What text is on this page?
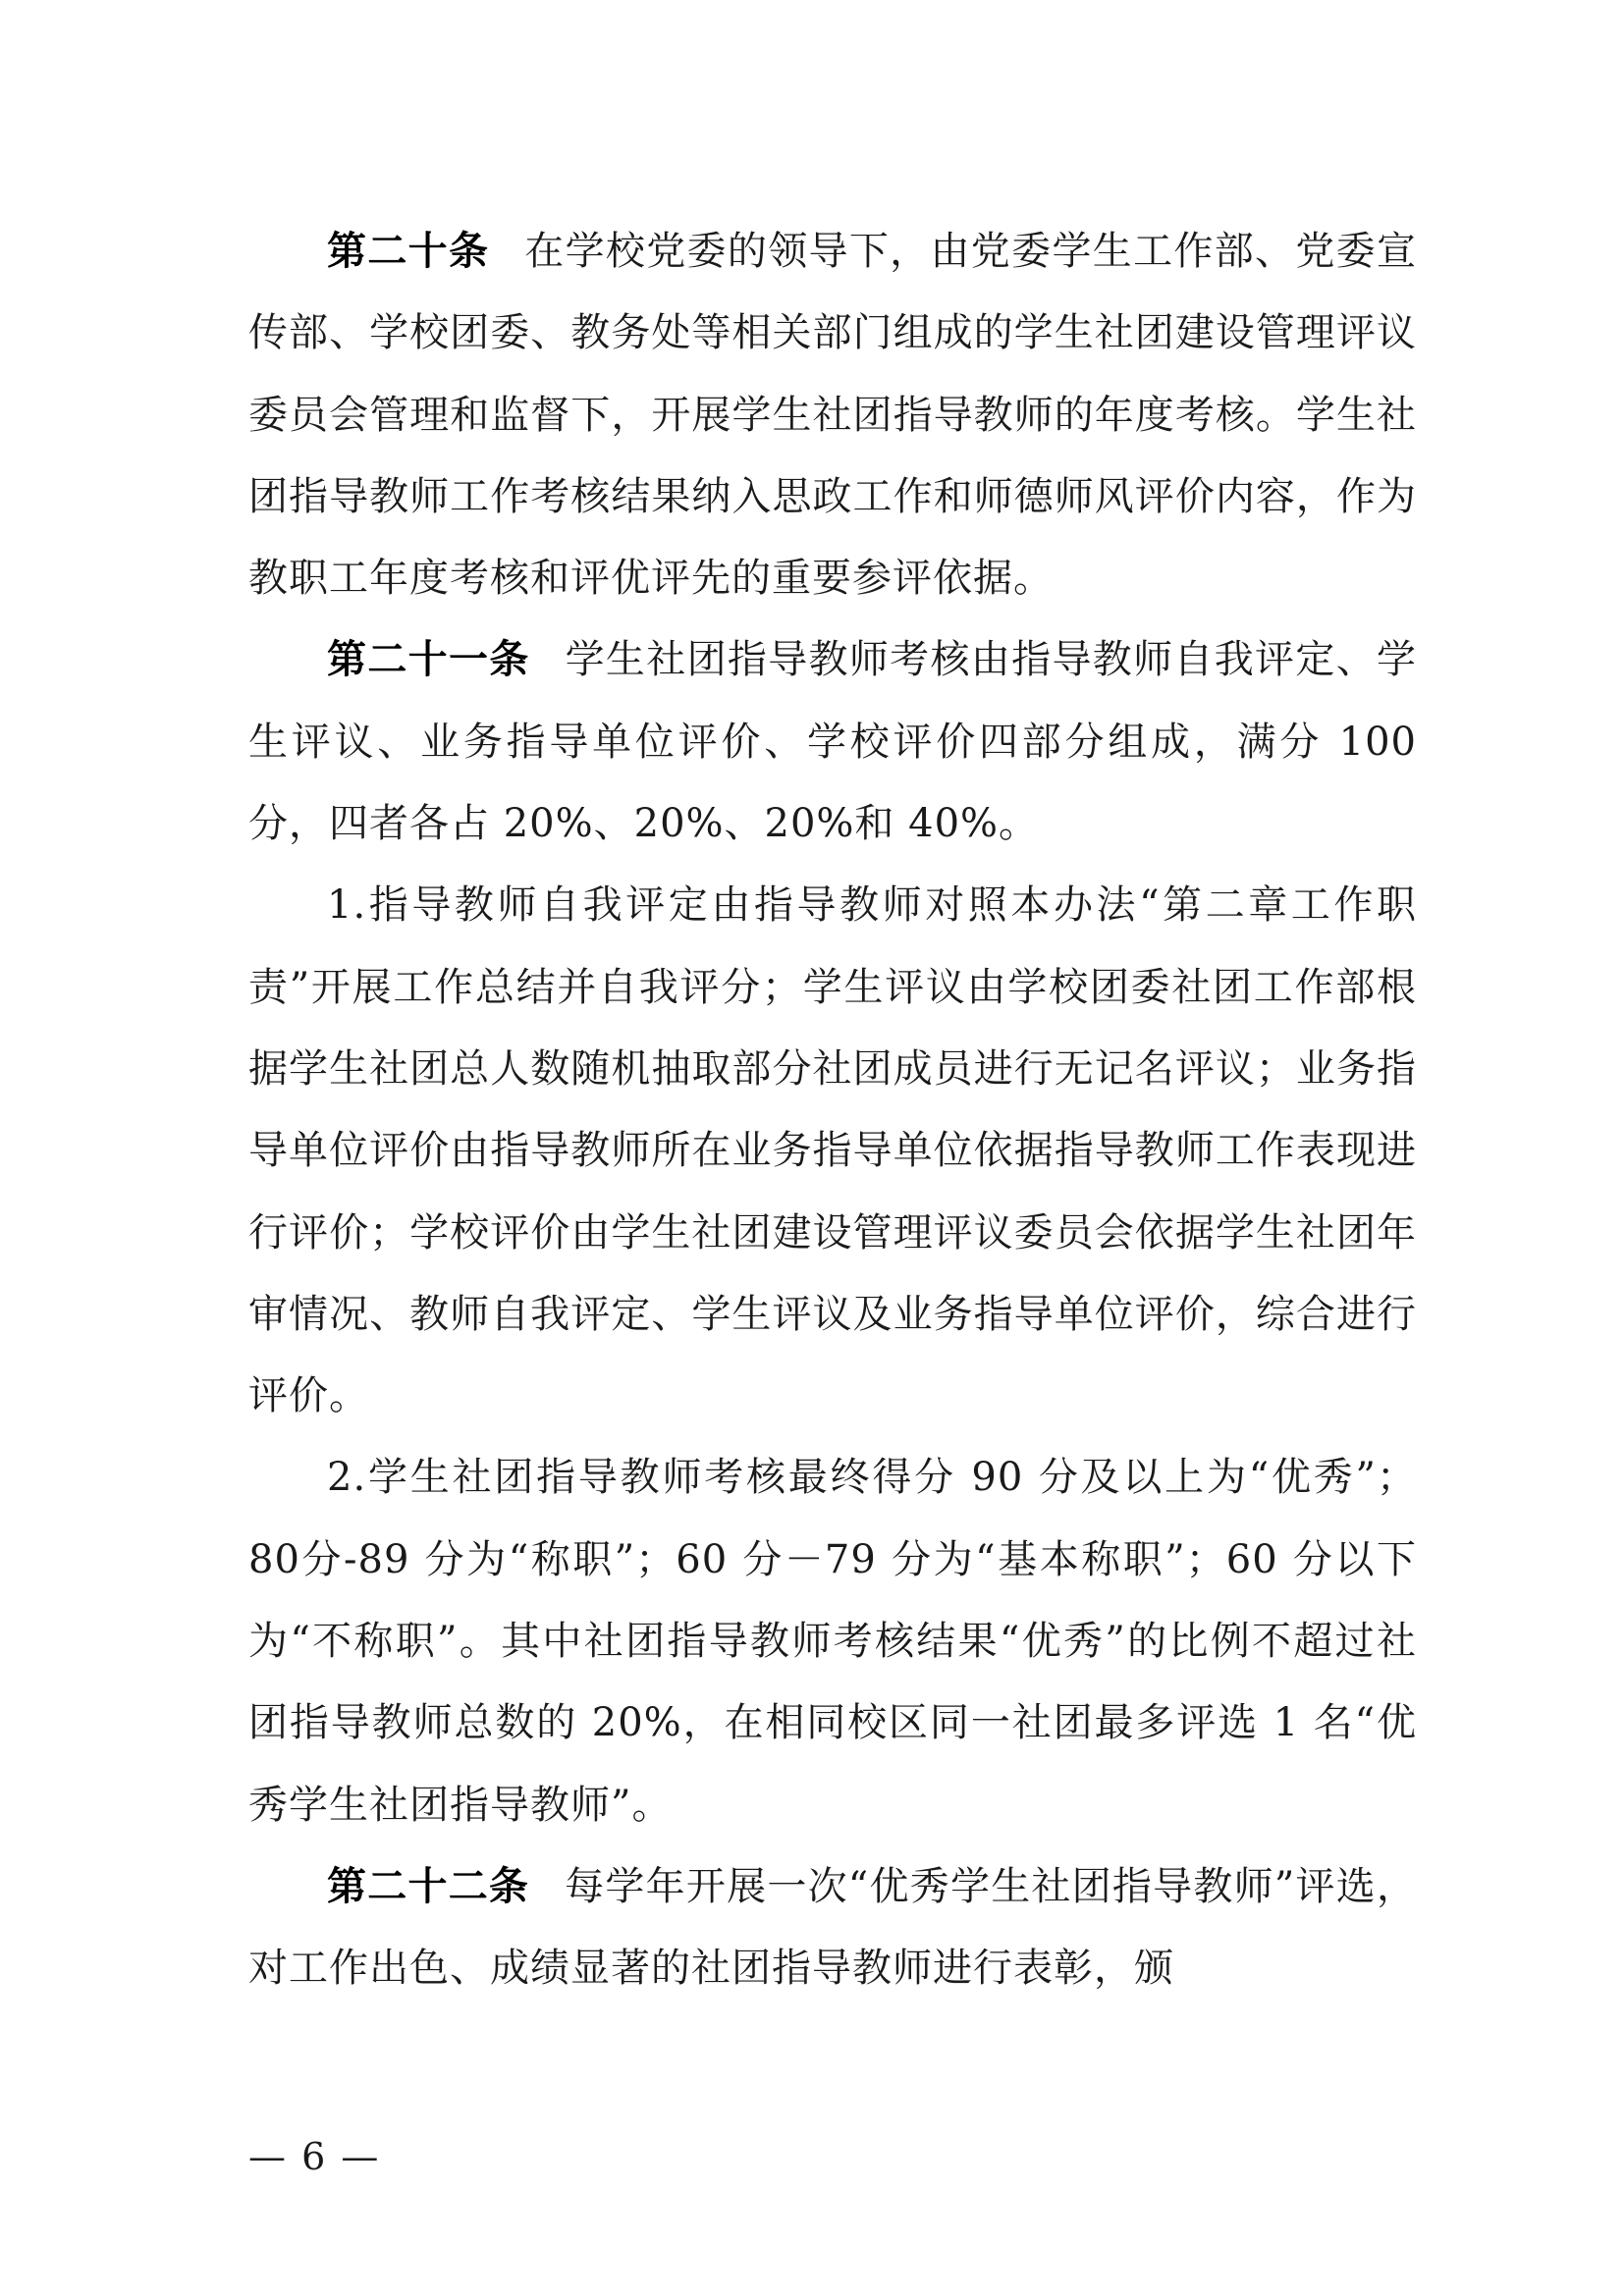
第二十条 在学校党委的领导下，由党委学生工作部、党委宣传部、学校团委、教务处等相关部门组成的学生社团建设管理评议委员会管理和监督下，开展学生社团指导教师的年度考核。学生社团指导教师工作考核结果纳入思政工作和师德师风评价内容，作为教职工年度考核和评优评先的重要参评依据。

第二十一条 学生社团指导教师考核由指导教师自我评定、学生评议、业务指导单位评价、学校评价四部分组成，满分 100 分，四者各占 20%、20%、20%和 40%。

1.指导教师自我评定由指导教师对照本办法“第二章工作职责”开展工作总结并自我评分；学生评议由学校团委社团工作部根据学生社团总人数随机抽取部分社团成员进行无记名评议；业务指导单位评价由指导教师所在业务指导单位依据指导教师工作表现进行评价；学校评价由学生社团建设管理评议委员会依据学生社团年审情况、教师自我评定、学生评议及业务指导单位评价，综合进行评价。

2.学生社团指导教师考核最终得分 90 分及以上为“优秀”；80分-89 分为“称职”；60 分－79 分为“基本称职”；60 分以下为“不称职”。其中社团指导教师考核结果“优秀”的比例不超过社团指导教师总数的 20%，在相同校区同一社团最多评选 1 名“优秀学生社团指导教师”。

第二十二条 每学年开展一次“优秀学生社团指导教师”评选，对工作出色、成绩显著的社团指导教师进行表彰，颁

— 6 —
